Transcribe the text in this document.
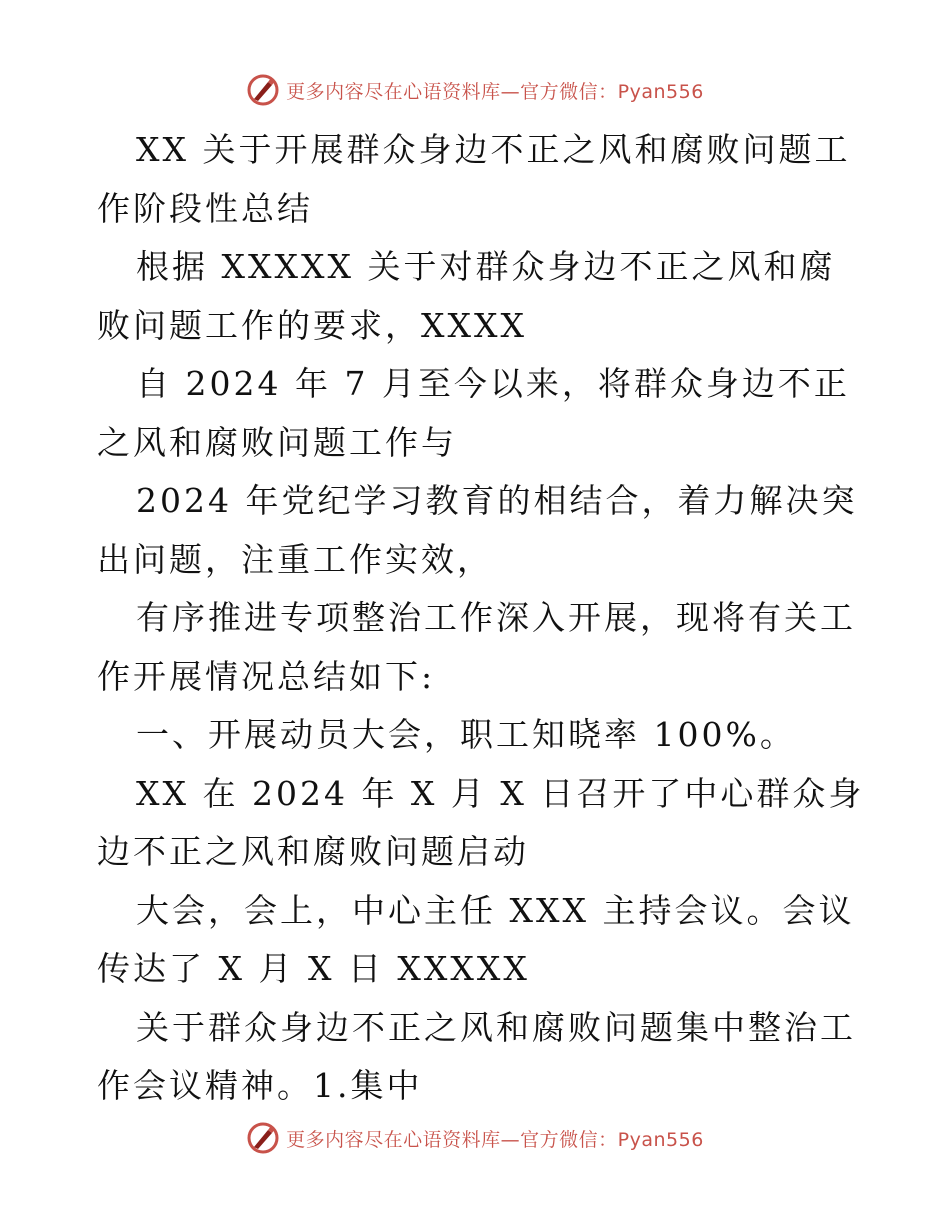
更多内容尽在心语资料库—官方微信：Pyan556

XX 关于开展群众身边不正之风和腐败问题工作阶段性总结

根据 XXXXX 关于对群众身边不正之风和腐败问题工作的要求，XXXX

自 2024 年 7 月至今以来，将群众身边不正之风和腐败问题工作与

2024 年党纪学习教育的相结合，着力解决突出问题，注重工作实效，

有序推进专项整治工作深入开展，现将有关工作开展情况总结如下:

一、开展动员大会，职工知晓率 100%。

XX 在 2024 年 X 月 X 日召开了中心群众身边不正之风和腐败问题启动

大会，会上，中心主任 XXX 主持会议。会议传达了 X 月 X 日 XXXXX

关于群众身边不正之风和腐败问题集中整治工作会议精神。1.集中

更多内容尽在心语资料库—官方微信：Pyan556
